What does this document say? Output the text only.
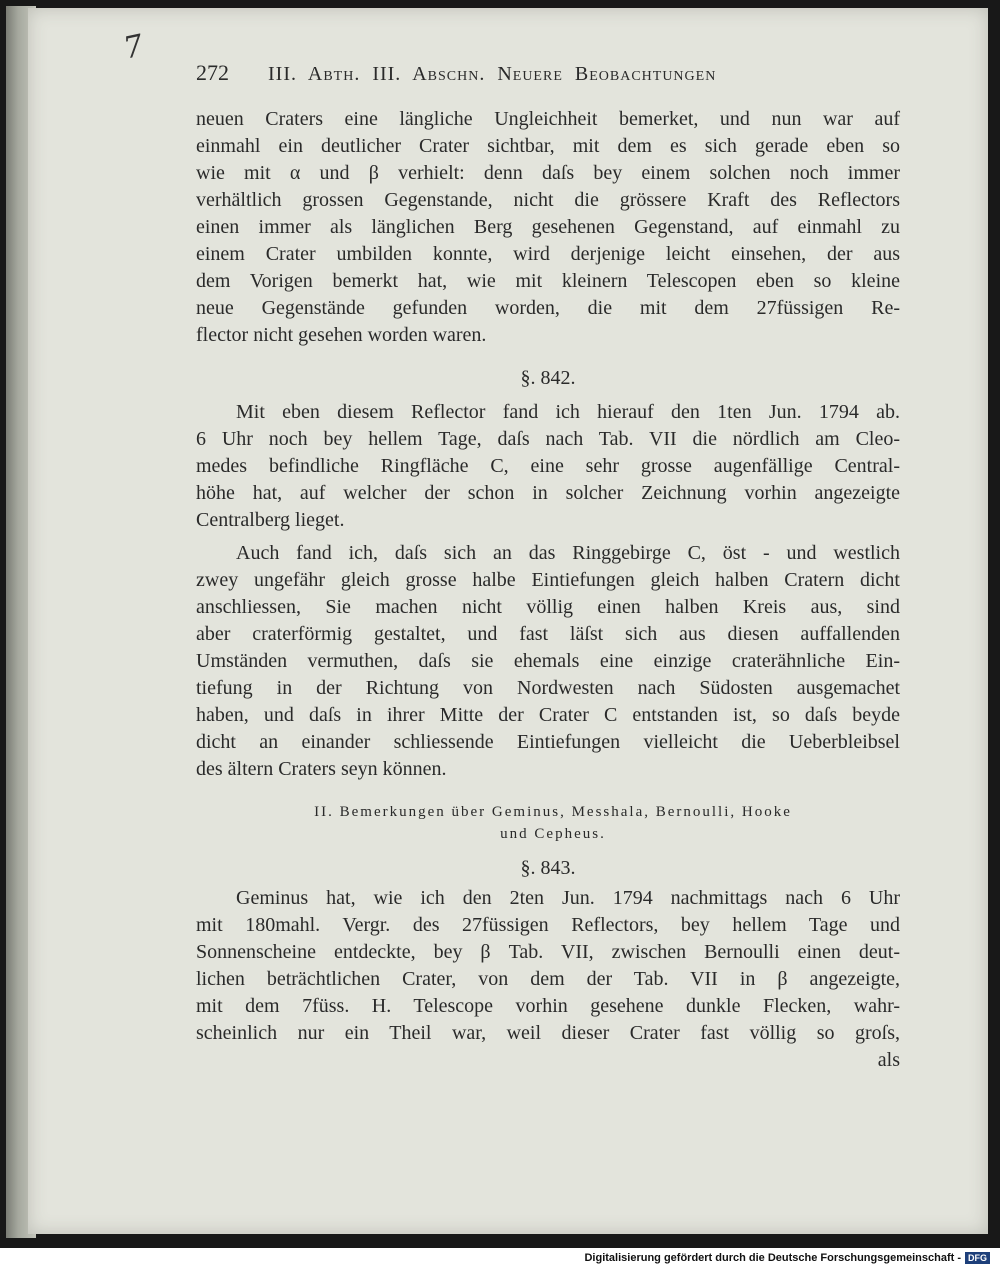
7
272	III. Abth. III. Abschn. Neuere Beobachtungen
neuen Craters eine längliche Ungleichheit bemerket, und nun war auf
einmahl ein deutlicher Crater sichtbar, mit dem es sich gerade eben so
wie mit α und β verhielt: denn daſs bey einem solchen noch immer
verhältlich grossen Gegenstande, nicht die grössere Kraft des Reflectors
einen immer als länglichen Berg gesehenen Gegenstand, auf einmahl zu
einem Crater umbilden konnte, wird derjenige leicht einsehen, der aus
dem Vorigen bemerkt hat, wie mit kleinern Telescopen eben so kleine
neue Gegenstände gefunden worden, die mit dem 27füssigen Re-
flector nicht gesehen worden waren.
§. 842.
Mit eben diesem Reflector fand ich hierauf den 1ten Jun. 1794 ab.
6 Uhr noch bey hellem Tage, daſs nach Tab. VII die nördlich am Cleo-
medes befindliche Ringfläche C, eine sehr grosse augenfällige Central-
höhe hat, auf welcher der schon in solcher Zeichnung vorhin angezeigte
Centralberg lieget.
Auch fand ich, daſs sich an das Ringgebirge C, öst - und westlich
zwey ungefähr gleich grosse halbe Eintiefungen gleich halben Cratern dicht
anschliessen, Sie machen nicht völlig einen halben Kreis aus, sind
aber craterförmig gestaltet, und fast läſst sich aus diesen auffallenden
Umständen vermuthen, daſs sie ehemals eine einzige craterähnliche Ein-
tiefung in der Richtung von Nordwesten nach Südosten ausgemachet
haben, und daſs in ihrer Mitte der Crater C entstanden ist, so daſs beyde
dicht an einander schliessende Eintiefungen vielleicht die Ueberbleibsel
des ältern Craters seyn können.
II. Bemerkungen über Geminus, Messhala, Bernoulli, Hooke
und Cepheus.
§. 843.
Geminus hat, wie ich den 2ten Jun. 1794 nachmittags nach 6 Uhr
mit 180mahl. Vergr. des 27füssigen Reflectors, bey hellem Tage und
Sonnenscheine entdeckte, bey β Tab. VII, zwischen Bernoulli einen deut-
lichen beträchtlichen Crater, von dem der Tab. VII in β angezeigte,
mit dem 7füss. H. Telescope vorhin gesehene dunkle Flecken, wahr-
scheinlich nur ein Theil war, weil dieser Crater fast völlig so groſs,
als
Digitalisierung gefördert durch die Deutsche Forschungsgemeinschaft - DFG
